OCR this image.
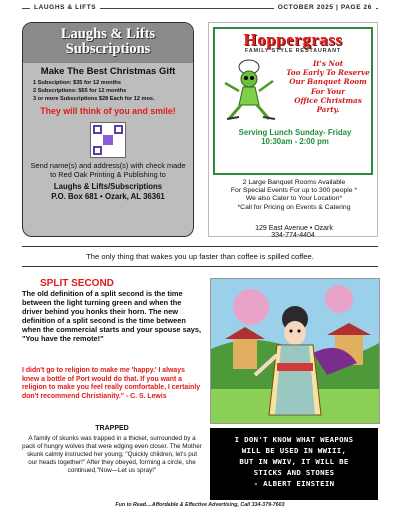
LAUGHS & LIFTS	OCTOBER 2025 | PAGE 26
Laughs & Lifts
Subscriptions
Make The Best Christmas Gift
1 Subsciption: $35 for 12 months
2 Subscriptions: $65 for 12 months
3 or more Subscriptions $28 Each for 12 mos.
They will think of you and smile!
Send name(s) and address(s) with check made to Red Oak Printing & Publishing to
Laughs & Lifts/Subscriptions
P.O. Box 681 • Ozark, AL 36361
Hoppergrass
FAMILY STYLE RESTAURANT
It's Not
Too Early To Reserve
Our Banquet Room
For Your
Office Christmas Party.
Serving Lunch Sunday- Friday
10:30am - 2:00 pm
2 Large Banquet Rooms Available
For Special Events For up to 300 people *
We also Cater to Your Location*
*Call for Pricing on Events & Catering
129 East Avenue • Ozark
334-774-4404
The only thing that wakes you up faster than coffee is spilled coffee.
SPLIT SECOND
The old definition of a split second is the time between the light turning green and when the driver behind you honks their horn. The new definition of a split second is the time between when the commercial starts and your spouse says, "You have the remote!"
I didn't go to religion to make me 'happy.' I always knew a bottle of Port would do that. If you want a religion to make you feel really comfortable, I certainly don't recommend Christianity." - C. S. Lewis
TRAPPED
A family of skunks was trapped in a thicket, surrounded by a pack of hungry wolves that were edging even closer. The Mother skunk calmly instructed her young; "Quickly children, let's put our heads together!" After they obeyed, forming a circle, she continued,"Now—Let us spray!"
I DON'T KNOW WHAT WEAPONS
WILL BE USED IN WWIII,
BUT IN WWIV, IT WILL BE
STICKS AND STONES
- ALBERT EINSTEIN
Fun to Read....Affordable & Effective Advertising, Call 334-379-7603
